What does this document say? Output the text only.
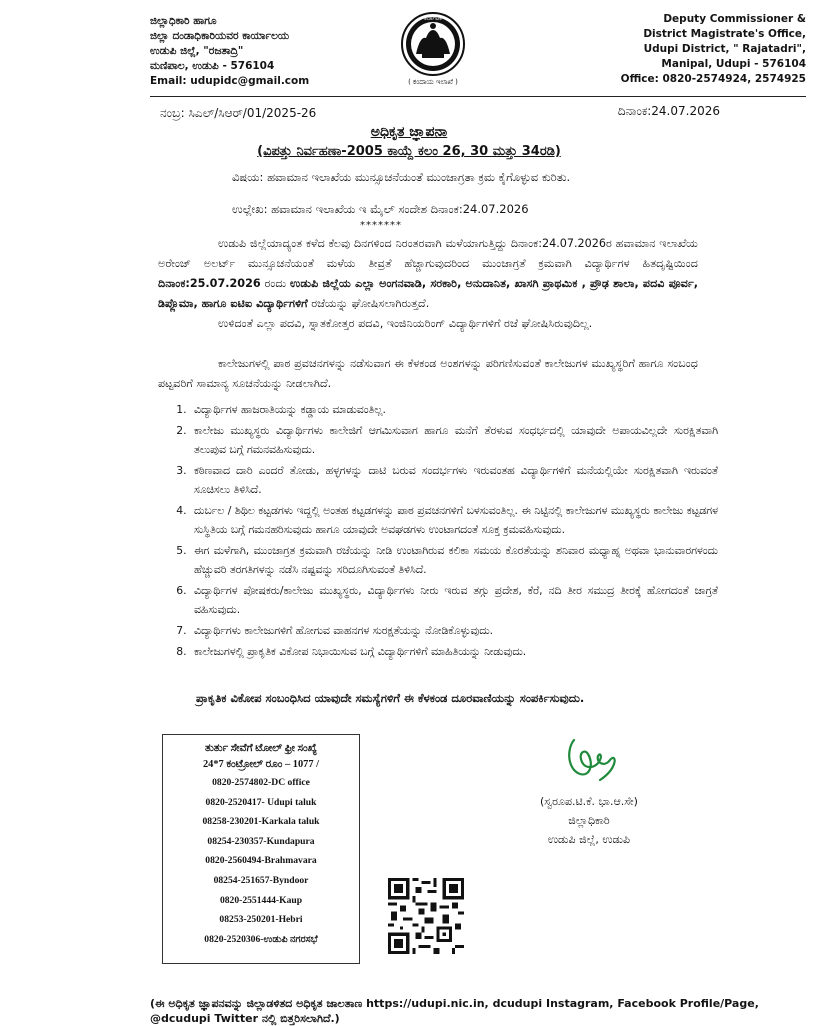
ಜಿಲ್ಲಾಧಿಕಾರಿ ಹಾಗೂ
ಜಿಲ್ಲಾ ದಂಡಾಧಿಕಾರಿಯವರ ಕಾರ್ಯಾಲಯ
ಉಡುಪಿ ಜಿಲ್ಲೆ, "ರಜತಾದ್ರಿ"
ಮಣಿಪಾಲ, ಉಡುಪಿ - 576104
Email: udupidc@gmail.com
ಕರ್ನಾಟಕ
( ಕಂದಾಯ ಇಲಾಖೆ )
Deputy Commissioner &
District Magistrate's Office,
Udupi District, " Rajatadri",
Manipal, Udupi - 576104
Office: 0820-2574924, 2574925
ನಂಬ್ರ: ಸಿಎಲ್/ಸಿಆರ್/01/2025-26	ದಿನಾಂಕ:24.07.2026
ಅಧಿಕೃತ ಜ್ಞಾಪನಾ
(ವಿಪತ್ತು ನಿರ್ವಹಣಾ-2005 ಕಾಯ್ದೆ ಕಲಂ 26, 30 ಮತ್ತು 34ರಡಿ)
ವಿಷಯ: ಹವಾಮಾನ ಇಲಾಖೆಯ ಮುನ್ಸೂಚನೆಯಂತೆ ಮುಂಜಾಗ್ರತಾ ಕ್ರಮ ಕೈಗೊಳ್ಳುವ ಕುರಿತು.
ಉಲ್ಲೇಖ: ಹವಾಮಾನ ಇಲಾಖೆಯ ಇ ಮೈಲ್ ಸಂದೇಶ ದಿನಾಂಕ:24.07.2026
*******
ಉಡುಪಿ ಜಿಲ್ಲೆಯಾದ್ಯಂತ ಕಳೆದ ಕೆಲವು ದಿನಗಳಿಂದ ನಿರಂತರವಾಗಿ ಮಳೆಯಾಗುತ್ತಿದ್ದು ದಿನಾಂಕ:24.07.2026ರ ಹವಾಮಾನ ಇಲಾಖೆಯ ಅರೇಂಜ್ ಅಲರ್ಟ್ ಮುನ್ಸೂಚನೆಯಂತೆ ಮಳೆಯ ತೀವ್ರತೆ ಹೆಚ್ಚಾಗುವುದರಿಂದ ಮುಂಜಾಗ್ರತೆ ಕ್ರಮವಾಗಿ ವಿದ್ಯಾರ್ಥಿಗಳ ಹಿತದೃಷ್ಟಿಯಿಂದ ದಿನಾಂಕ:25.07.2026 ರಂದು ಉಡುಪಿ ಜಿಲ್ಲೆಯ ಎಲ್ಲಾ ಅಂಗನವಾಡಿ, ಸರಕಾರಿ, ಅನುದಾನಿತ, ಖಾಸಗಿ ಪ್ರಾಥಮಿಕ , ಪ್ರೌಢ ಶಾಲಾ, ಪದವಿ ಪೂರ್ವ, ಡಿಪ್ಲೊಮಾ, ಹಾಗೂ ಐಟಿಐ ವಿದ್ಯಾರ್ಥಿಗಳಿಗೆ ರಜೆಯನ್ನು ಘೋಷಿಸಲಾಗಿರುತ್ತದೆ.
ಉಳಿದಂತೆ ಎಲ್ಲಾ ಪದವಿ, ಸ್ನಾತಕೋತ್ತರ ಪದವಿ, ಇಂಜಿನಿಯರಿಂಗ್ ವಿದ್ಯಾರ್ಥಿಗಳಿಗೆ ರಜೆ ಘೋಷಿಸಿರುವುದಿಲ್ಲ.
ಕಾಲೇಜುಗಳಲ್ಲಿ ಪಾಠ ಪ್ರವಚನಗಳನ್ನು ನಡೆಸುವಾಗ ಈ ಕೆಳಕಂಡ ಅಂಶಗಳನ್ನು ಪರಿಗಣಿಸುವಂತೆ ಕಾಲೇಜುಗಳ ಮುಖ್ಯಸ್ಥರಿಗೆ ಹಾಗೂ ಸಂಬಂಧ ಪಟ್ಟವರಿಗೆ ಸಾಮಾನ್ಯ ಸೂಚನೆಯನ್ನು ನೀಡಲಾಗಿದೆ.
1. ವಿದ್ಯಾರ್ಥಿಗಳ ಹಾಜರಾತಿಯನ್ನು ಕಡ್ಡಾಯ ಮಾಡುವಂತಿಲ್ಲ.
2. ಕಾಲೇಜು ಮುಖ್ಯಸ್ಥರು ವಿದ್ಯಾರ್ಥಿಗಳು ಕಾಲೇಜಿಗೆ ಆಗಮಿಸುವಾಗ ಹಾಗೂ ಮನೆಗೆ ತೆರಳುವ ಸಂಧರ್ಭದಲ್ಲಿ ಯಾವುದೇ ಅಪಾಯವಿಲ್ಲದೇ ಸುರಕ್ಷಿತವಾಗಿ ತಲುಪುವ ಬಗ್ಗೆ ಗಮನವಹಿಸುವುದು.
3. ಕಠಿಣವಾದ ದಾರಿ ಎಂದರೆ ತೋಡು, ಹಳ್ಳಗಳನ್ನು ದಾಟಿ ಬರುವ ಸಂದರ್ಭಗಳು ಇರುವಂತಹ ವಿದ್ಯಾರ್ಥಿಗಳಿಗೆ ಮನೆಯಲ್ಲಿಯೇ ಸುರಕ್ಷಿತವಾಗಿ ಇರುವಂತೆ ಸೂಚಿಸಲು ತಿಳಿಸಿದೆ.
4. ದುರ್ಬಲ / ಶಿಥಿಲ ಕಟ್ಟಡಗಳು ಇದ್ದಲ್ಲಿ ಅಂತಹ ಕಟ್ಟಡಗಳನ್ನು ಪಾಠ ಪ್ರವಚನಗಳಿಗೆ ಬಳಸುವಂತಿಲ್ಲ. ಈ ನಿಟ್ಟಿನಲ್ಲಿ ಕಾಲೇಜುಗಳ ಮುಖ್ಯಸ್ಥರು ಕಾಲೇಜು ಕಟ್ಟಡಗಳ ಸುಸ್ಥಿತಿಯ ಬಗ್ಗೆ ಗಮನಹರಿಸುವುದು ಹಾಗೂ ಯಾವುದೇ ಅವಘಡಗಳು ಉಂಟಾಗದಂತೆ ಸೂಕ್ತ ಕ್ರಮವಹಿಸುವುದು.
5. ಈಗ ಮಳೆಗಾಗಿ, ಮುಂಜಾಗ್ರತ ಕ್ರಮವಾಗಿ ರಜೆಯನ್ನು ನೀಡಿ ಉಂಟಾಗಿರುವ ಕಲಿಕಾ ಸಮಯ ಕೊರತೆಯನ್ನು ಶನಿವಾರ ಮಧ್ಯಾಹ್ನ ಅಥವಾ ಭಾನುವಾರಗಳಂದು ಹೆಚ್ಚುವರಿ ತರಗತಿಗಳನ್ನು ನಡೆಸಿ ನಷ್ಟವನ್ನು ಸರಿದೂಗಿಸುವಂತೆ ತಿಳಿಸಿದೆ.
6. ವಿದ್ಯಾರ್ಥಿಗಳ ಪೋಷಕರು/ಕಾಲೇಜು ಮುಖ್ಯಸ್ಥರು, ವಿದ್ಯಾರ್ಥಿಗಳು ನೀರು ಇರುವ ತಗ್ಗು ಪ್ರದೇಶ, ಕೆರೆ, ನದಿ ತೀರ ಸಮುದ್ರ ತೀರಕ್ಕೆ ಹೋಗದಂತೆ ಜಾಗ್ರತೆ ವಹಿಸುವುದು.
7. ವಿದ್ಯಾರ್ಥಿಗಳು ಕಾಲೇಜುಗಳಿಗೆ ಹೋಗುವ ವಾಹನಗಳ ಸುರಕ್ಷತೆಯನ್ನು ನೋಡಿಕೊಳ್ಳುವುದು.
8. ಕಾಲೇಜುಗಳಲ್ಲಿ ಪ್ರಾಕೃತಿಕ ವಿಕೋಪ ನಿಭಾಯಿಸುವ ಬಗ್ಗೆ ವಿದ್ಯಾರ್ಥಿಗಳಿಗೆ ಮಾಹಿತಿಯನ್ನು ನೀಡುವುದು.
ಪ್ರಾಕೃತಿಕ ವಿಕೋಪ ಸಂಬಂಧಿಸಿದ ಯಾವುದೇ ಸಮಸ್ಯೆಗಳಿಗೆ ಈ ಕೆಳಕಂಡ ದೂರವಾಣಿಯನ್ನು ಸಂಪರ್ಕಿಸುವುದು.
ತುರ್ತು ಸೇವೆಗೆ ಟೋಲ್ ಫ್ರೀ ಸಂಖ್ಯೆ
24*7 ಕಂಟ್ರೋಲ್ ರೂಂ – 1077 /
0820-2574802-DC office
0820-2520417- Udupi taluk
08258-230201-Karkala taluk
08254-230357-Kundapura
0820-2560494-Brahmavara
08254-251657-Byndoor
0820-2551444-Kaup
08253-250201-Hebri
0820-2520306-ಉಡುಪಿ ನಗರಸಭೆ
(ಸ್ವರೂಪ.ಟಿ.ಕೆ. ಭಾ.ಆ.ಸೇ)
ಜಿಲ್ಲಾಧಿಕಾರಿ
ಉಡುಪಿ ಜಿಲ್ಲೆ, ಉಡುಪಿ
(ಈ ಅಧಿಕೃತ ಜ್ಞಾಪನವನ್ನು ಜಿಲ್ಲಾಡಳಿತದ ಅಧಿಕೃತ ಜಾಲತಾಣ https://udupi.nic.in, dcudupi Instagram, Facebook Profile/Page, @dcudupi Twitter ನಲ್ಲಿ ಬಿತ್ತರಿಸಲಾಗಿದೆ.)
